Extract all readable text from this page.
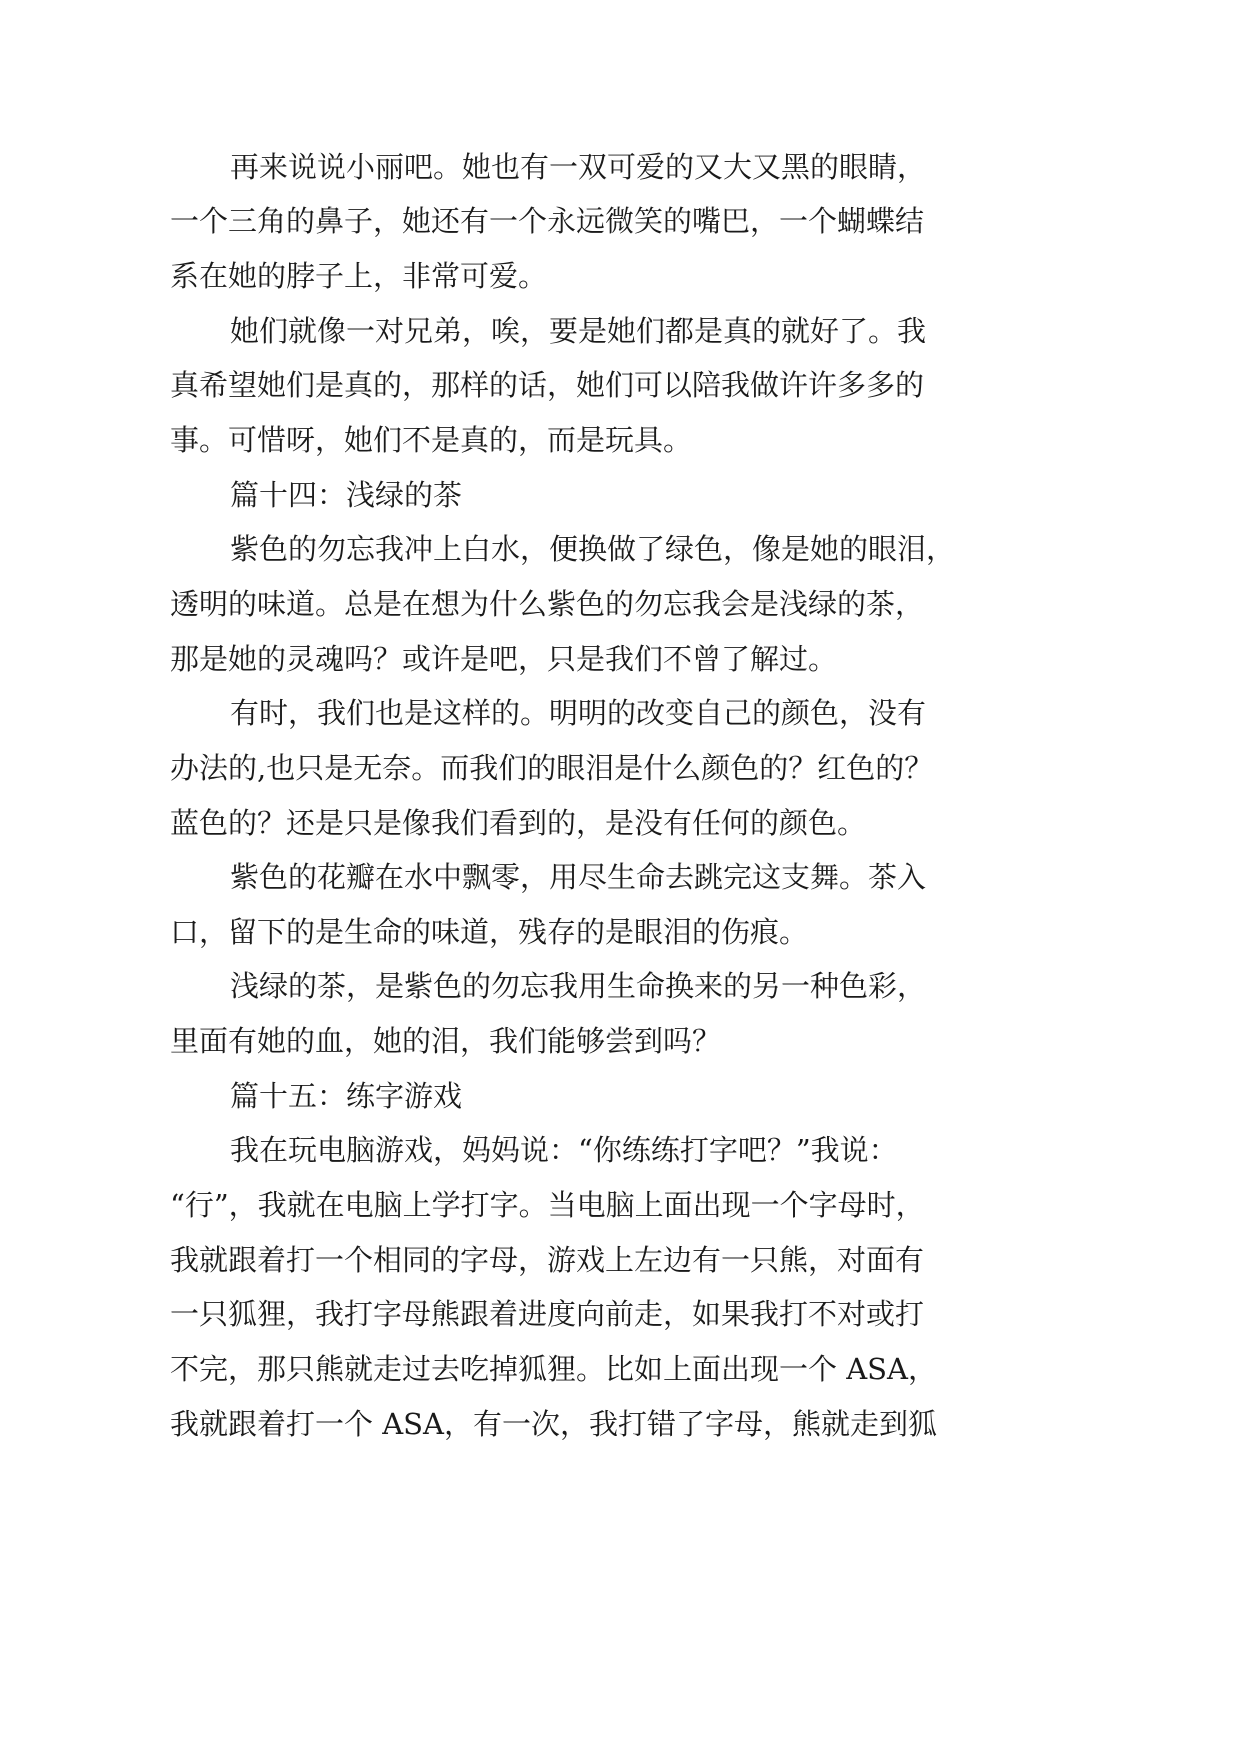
再来说说小丽吧。她也有一双可爱的又大又黑的眼睛，
一个三角的鼻子，她还有一个永远微笑的嘴巴，一个蝴蝶结
系在她的脖子上，非常可爱。
她们就像一对兄弟，唉，要是她们都是真的就好了。我
真希望她们是真的，那样的话，她们可以陪我做许许多多的
事。可惜呀，她们不是真的，而是玩具。
篇十四：浅绿的茶
紫色的勿忘我冲上白水，便换做了绿色，像是她的眼泪，
透明的味道。总是在想为什么紫色的勿忘我会是浅绿的茶，
那是她的灵魂吗？或许是吧，只是我们不曾了解过。
有时，我们也是这样的。明明的改变自己的颜色，没有
办法的,也只是无奈。而我们的眼泪是什么颜色的？红色的？
蓝色的？还是只是像我们看到的，是没有任何的颜色。
紫色的花瓣在水中飘零，用尽生命去跳完这支舞。茶入
口，留下的是生命的味道，残存的是眼泪的伤痕。
浅绿的茶，是紫色的勿忘我用生命换来的另一种色彩，
里面有她的血，她的泪，我们能够尝到吗？
篇十五：练字游戏
我在玩电脑游戏，妈妈说：“你练练打字吧？”我说：
“行”，我就在电脑上学打字。当电脑上面出现一个字母时，
我就跟着打一个相同的字母，游戏上左边有一只熊，对面有
一只狐狸，我打字母熊跟着进度向前走，如果我打不对或打
不完，那只熊就走过去吃掉狐狸。比如上面出现一个 ASA，
我就跟着打一个 ASA，有一次，我打错了字母，熊就走到狐
